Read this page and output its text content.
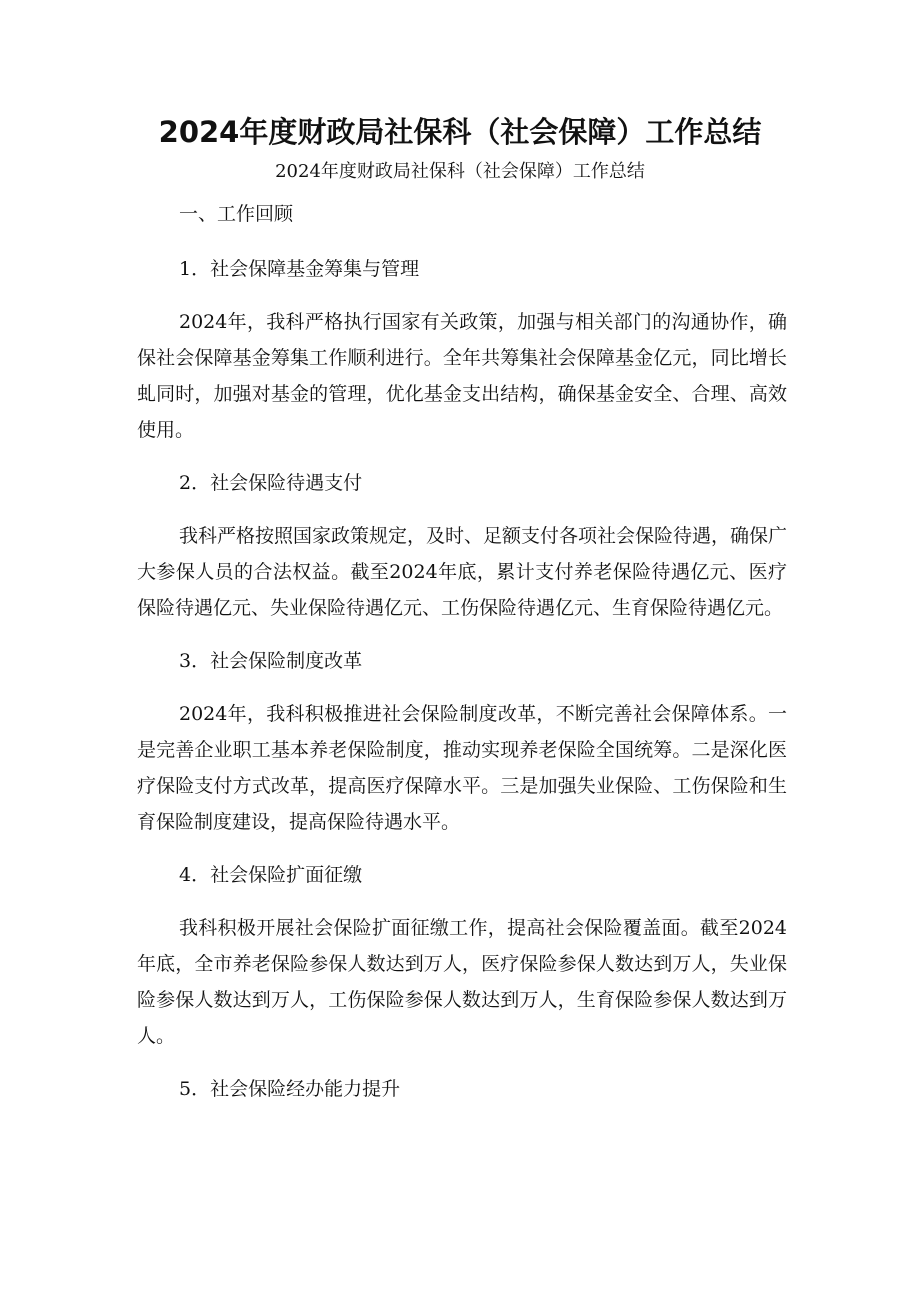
2024年度财政局社保科（社会保障）工作总结
2024年度财政局社保科（社会保障）工作总结
一、工作回顾
1．社会保障基金筹集与管理

2024年，我科严格执行国家有关政策，加强与相关部门的沟通协作，确保社会保障基金筹集工作顺利进行。全年共筹集社会保障基金亿元，同比增长虬同时，加强对基金的管理，优化基金支出结构，确保基金安全、合理、高效使用。

2．社会保险待遇支付

我科严格按照国家政策规定，及时、足额支付各项社会保险待遇，确保广大参保人员的合法权益。截至2024年底，累计支付养老保险待遇亿元、医疗保险待遇亿元、失业保险待遇亿元、工伤保险待遇亿元、生育保险待遇亿元。

3．社会保险制度改革

2024年，我科积极推进社会保险制度改革，不断完善社会保障体系。一是完善企业职工基本养老保险制度，推动实现养老保险全国统筹。二是深化医疗保险支付方式改革，提高医疗保障水平。三是加强失业保险、工伤保险和生育保险制度建设，提高保险待遇水平。

4．社会保险扩面征缴

我科积极开展社会保险扩面征缴工作，提高社会保险覆盖面。截至2024年底，全市养老保险参保人数达到万人，医疗保险参保人数达到万人，失业保险参保人数达到万人，工伤保险参保人数达到万人，生育保险参保人数达到万人。

5．社会保险经办能力提升
